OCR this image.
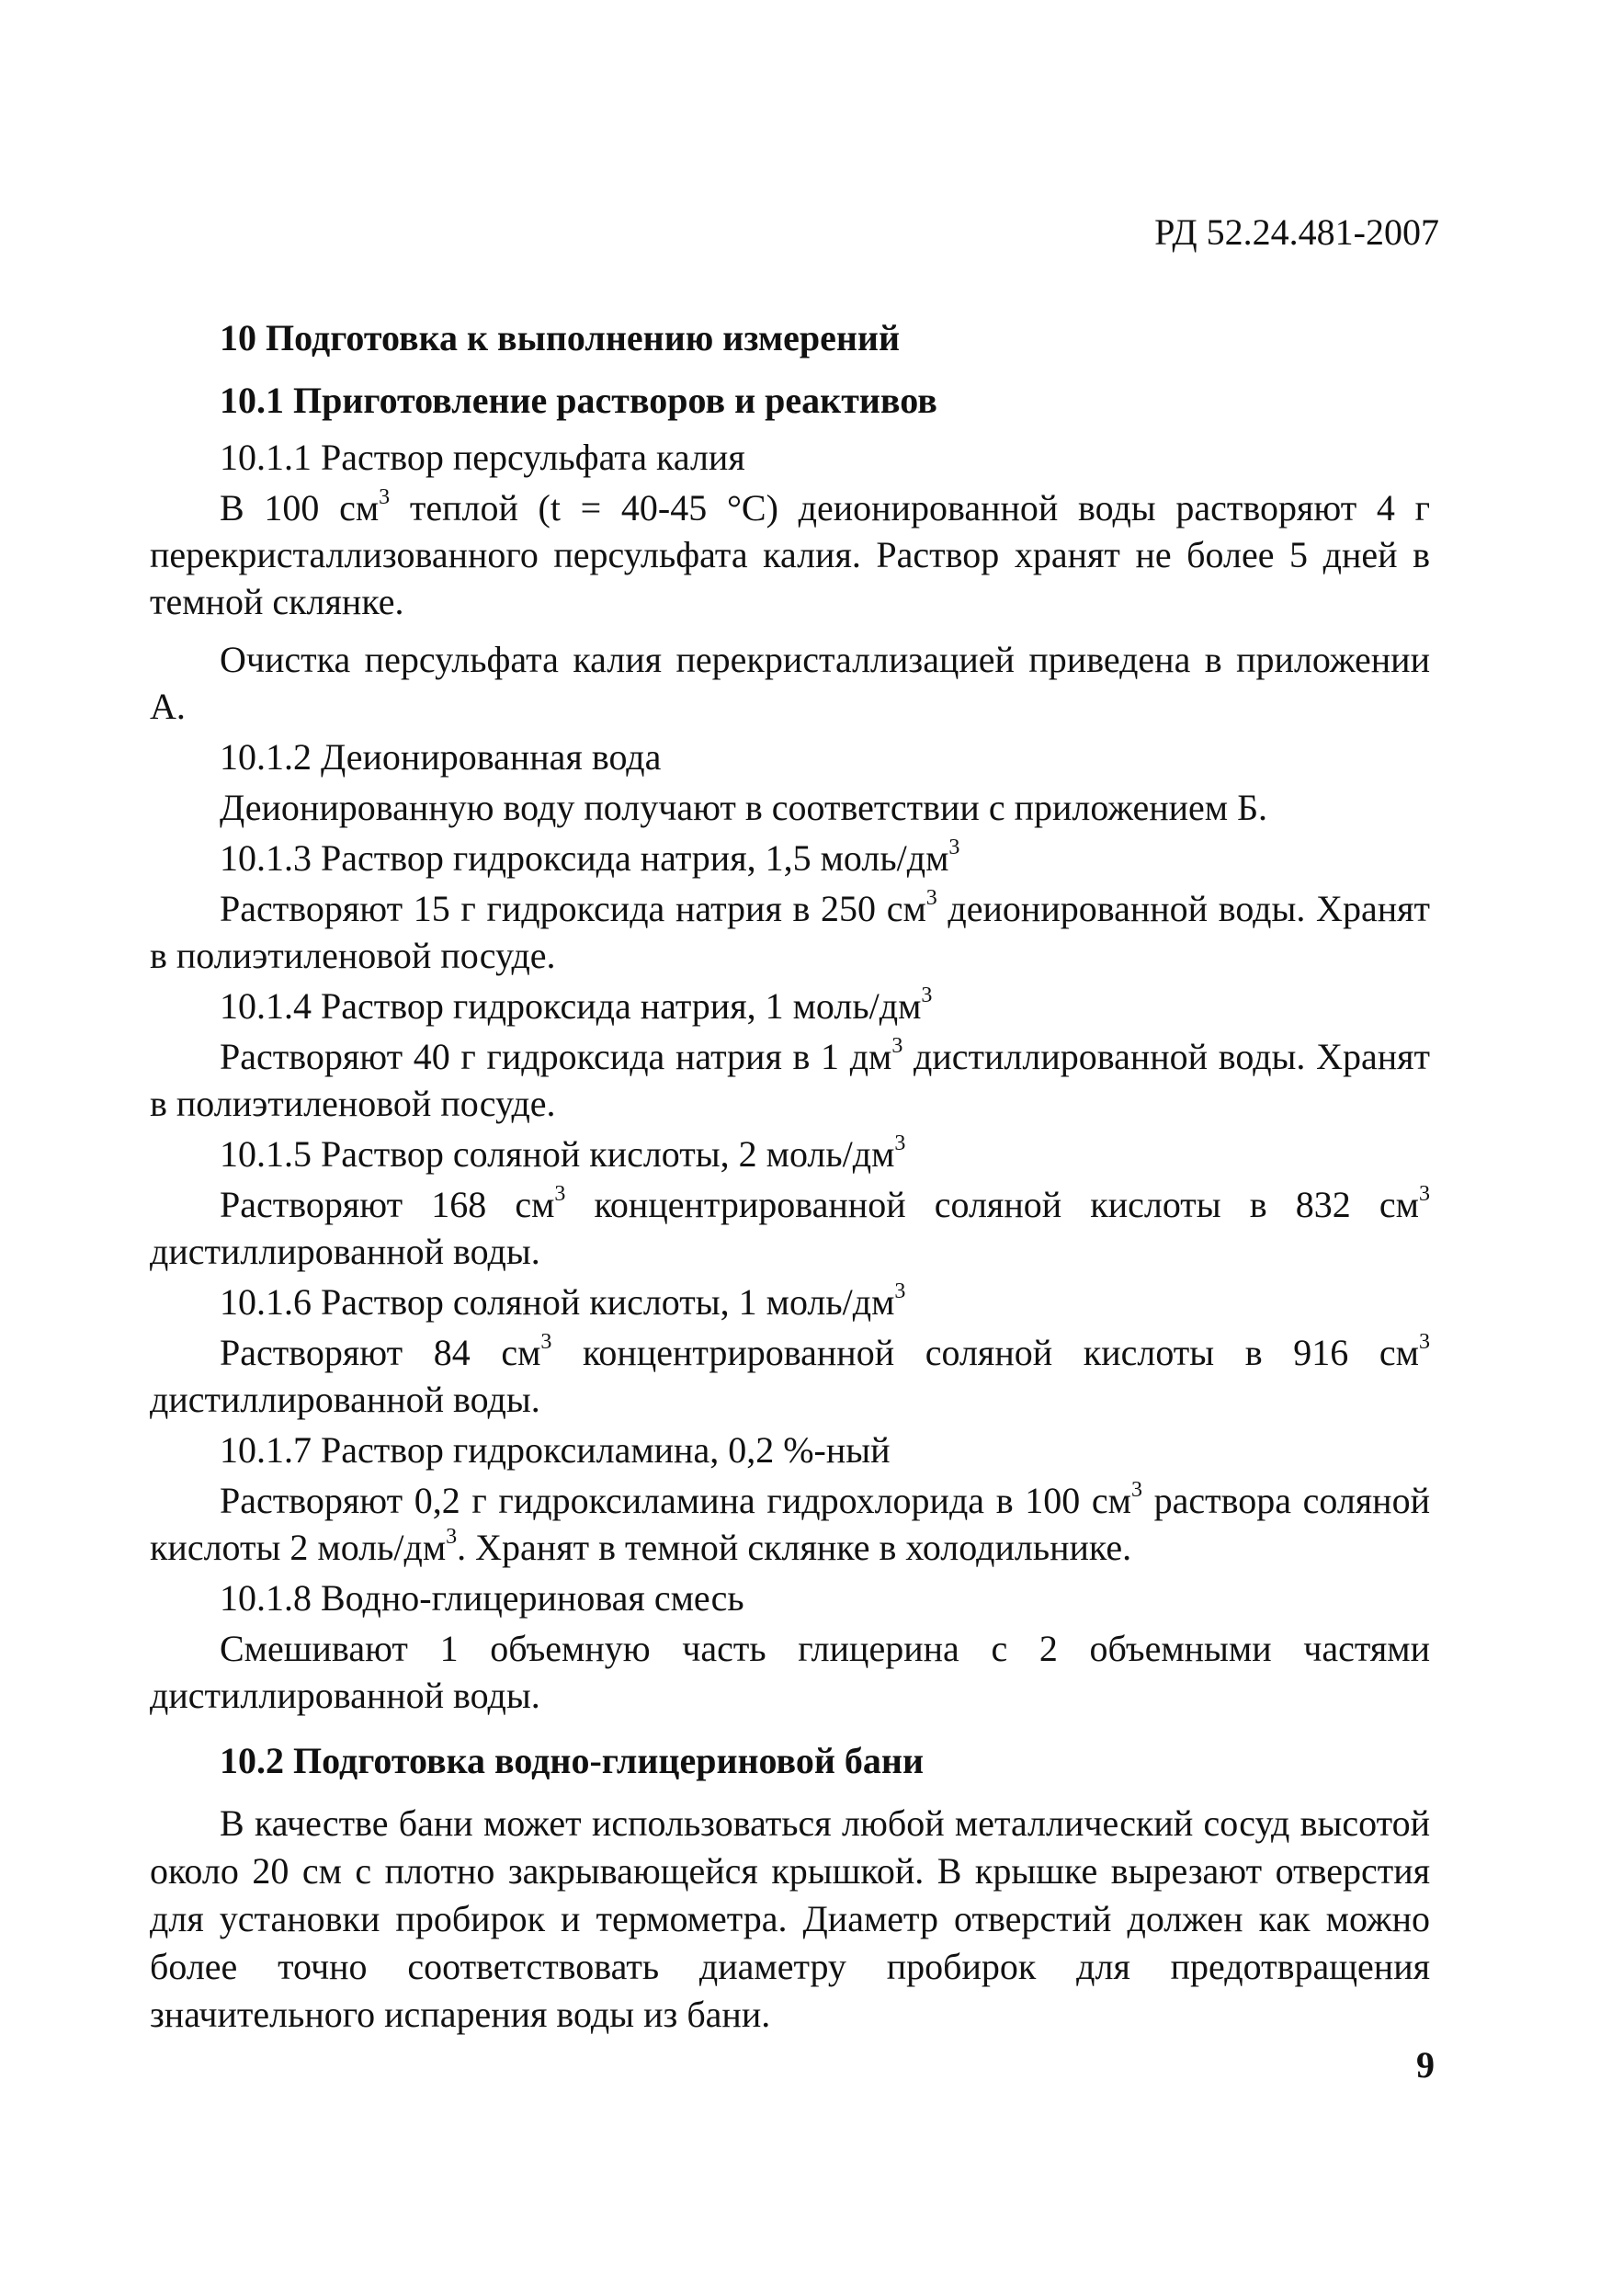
РД 52.24.481-2007
10 Подготовка к выполнению измерений
10.1 Приготовление растворов и реактивов
10.1.1 Раствор персульфата калия

В 100 $см^3$ теплой (t = 40-45 °С) деионированной воды растворяют 4 г перекристаллизованного персульфата калия. Раствор хранят не более 5 дней в темной склянке.

Очистка персульфата калия перекристаллизацией приведена в приложении А.

10.1.2 Деионированная вода

Деионированную воду получают в соответствии с приложением Б.

10.1.3 Раствор гидроксида натрия, 1,5 моль/$дм^3$

Растворяют 15 г гидроксида натрия в 250 $см^3$ деионированной воды. Хранят в полиэтиленовой посуде.

10.1.4 Раствор гидроксида натрия, 1 моль/$дм^3$

Растворяют 40 г гидроксида натрия в 1 $дм^3$ дистиллированной воды. Хранят в полиэтиленовой посуде.

10.1.5 Раствор соляной кислоты, 2 моль/$дм^3$

Растворяют 168 $см^3$ концентрированной соляной кислоты в 832 $см^3$ дистиллированной воды.

10.1.6 Раствор соляной кислоты, 1 моль/$дм^3$

Растворяют 84 $см^3$ концентрированной соляной кислоты в 916 $см^3$ дистиллированной воды.

10.1.7 Раствор гидроксиламина, 0,2 %-ный

Растворяют 0,2 г гидроксиламина гидрохлорида в 100 $см^3$ раствора соляной кислоты 2 моль/$дм^3$. Хранят в темной склянке в холодильнике.

10.1.8 Водно-глицериновая смесь

Смешивают 1 объемную часть глицерина с 2 объемными частями дистиллированной воды.

10.2 Подготовка водно-глицериновой бани

В качестве бани может использоваться любой металлический сосуд высотой около 20 см с плотно закрывающейся крышкой. В крышке вырезают отверстия для установки пробирок и термометра. Диаметр отверстий должен как можно более точно соответствовать диаметру пробирок для предотвращения значительного испарения воды из бани.

9
